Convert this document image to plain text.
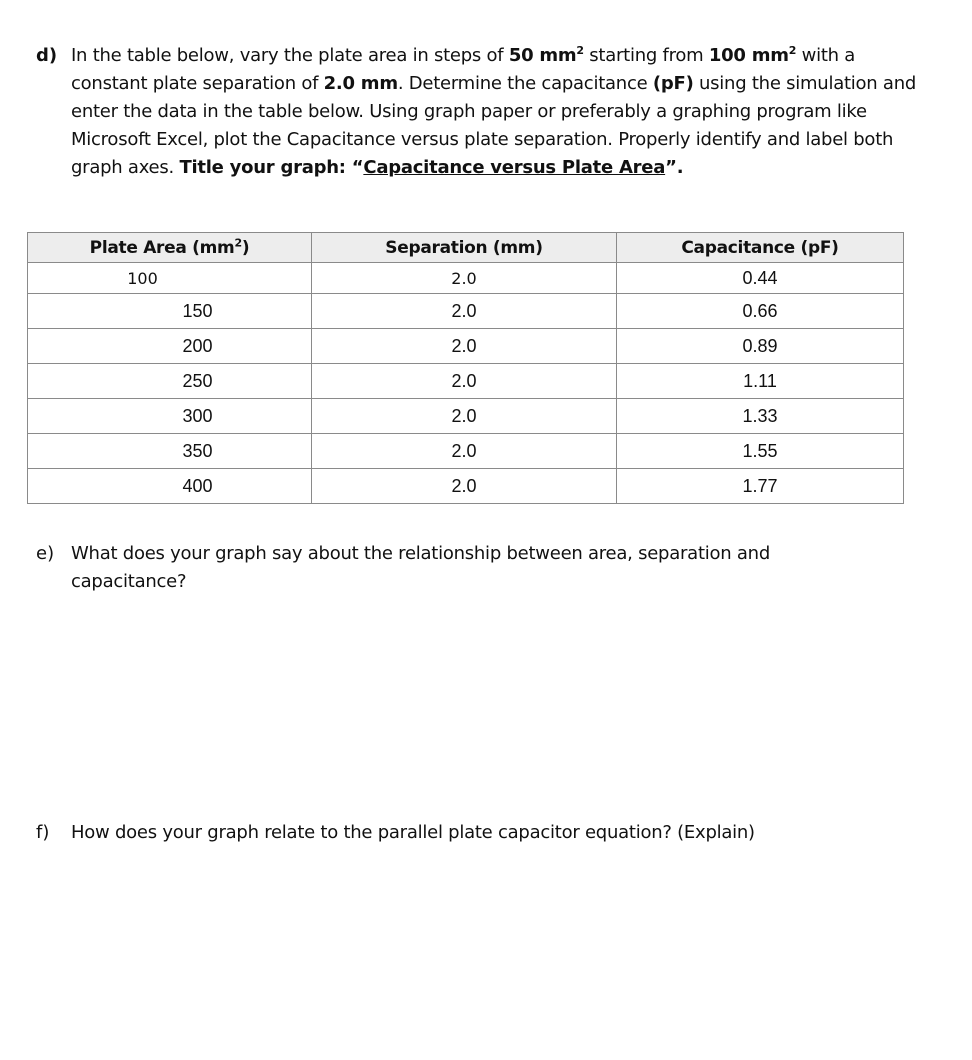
d) In the table below, vary the plate area in steps of 50 $mm^2$ starting from 100 $mm^2$ with a constant plate separation of 2.0 mm. Determine the capacitance (pF) using the simulation and enter the data in the table below. Using graph paper or preferably a graphing program like Microsoft Excel, plot the Capacitance versus plate separation. Properly identify and label both graph axes. Title your graph: “Capacitance versus Plate Area”.
Plate Area $(mm^2)$	Separation (mm)	Capacitance (pF)
100	2.0	0.44
150	2.0	0.66
200	2.0	0.89
250	2.0	1.11
300	2.0	1.33
350	2.0	1.55
400	2.0	1.77
e) What does your graph say about the relationship between area, separation and capacitance?
f) How does your graph relate to the parallel plate capacitor equation? (Explain)
